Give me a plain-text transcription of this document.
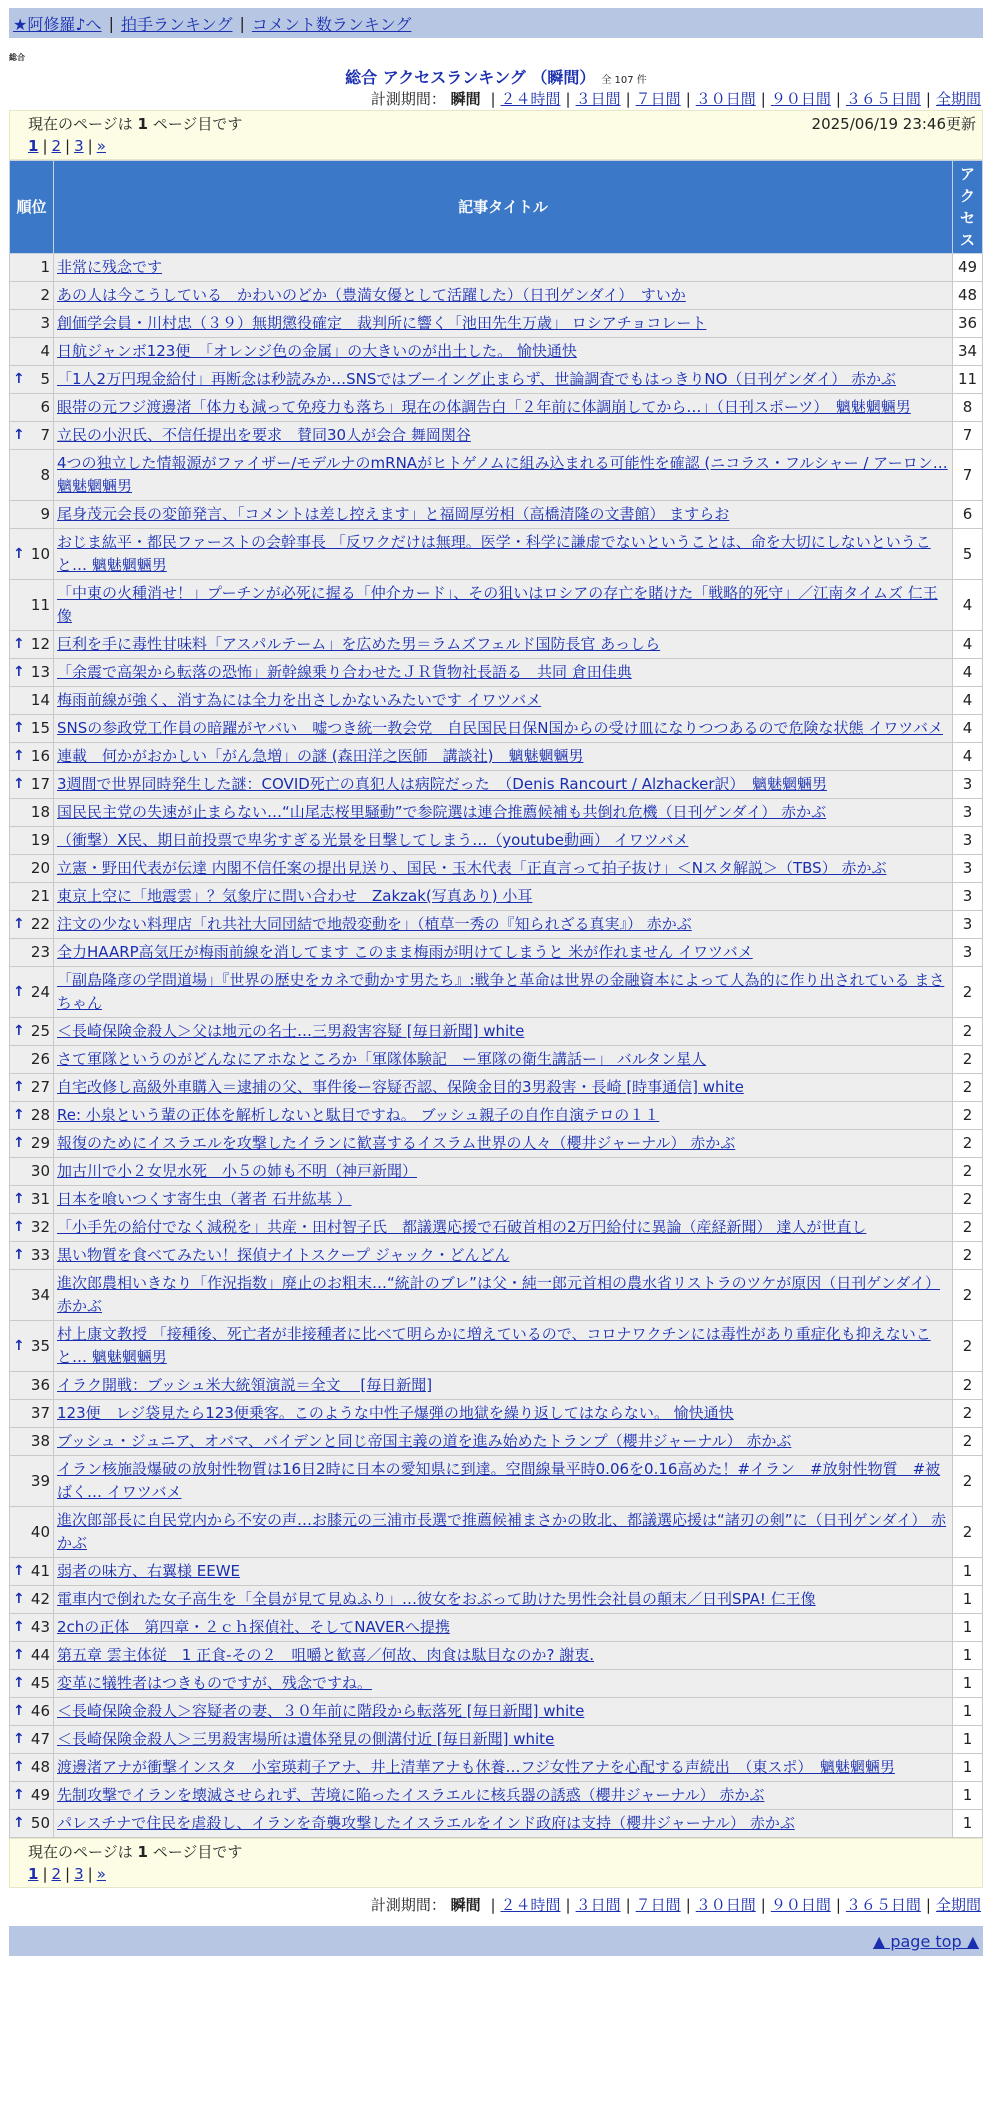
★阿修羅♪へ | 拍手ランキング | コメント数ランキング
総合
総合 アクセスランキング （瞬間） 全 107 件
計測期間： 瞬間 | ２４時間 | ３日間 | ７日間 | ３０日間 | ９０日間 | ３６５日間 | 全期間
現在のページは 1 ページ目です	2025/06/19 23:46更新
1 | 2 | 3 | »
順位	記事タイトル	アクセス
1	非常に残念です	49
2	あの人は今こうしている　かわいのどか（豊満女優として活躍した）（日刊ゲンダイ）　すいか	48
3	創価学会員・川村忠（３９）無期懲役確定　裁判所に響く「池田先生万歳」 ロシアチョコレート	36
4	日航ジャンボ123便　「オレンジ色の金属」の大きいのが出土した。 愉快通快	34

↑ 5	「1人2万円現金給付」再断念は秒読みか…SNSではブーイング止まらず、世論調査でもはっきりNO（日刊ゲンダイ） 赤かぶ	11
6	眼帯の元フジ渡邊渚「体力も減って免疫力も落ち」現在の体調告白「２年前に体調崩してから…」（日刊スポーツ）　魑魅魍魎男	8

↑ 7	立民の小沢氏、不信任提出を要求　賛同30人が会合 舞岡関谷	7
8	4つの独立した情報源がファイザー/モデルナのmRNAがヒトゲノムに組み込まれる可能性を確認 (ニコラス・フルシャー / アーロン… 魑魅魍魎男	7
9	尾身茂元会長の変節発言、「コメントは差し控えます」と福岡厚労相（高橋清隆の文書館） ますらお	6

↑ 10	おじま紘平・都民ファーストの会幹事長 「反ワクだけは無理。医学・科学に謙虚でないということは、命を大切にしないということ… 魑魅魍魎男	5
11	「中東の火種消せ！」プーチンが必死に握る「仲介カード」、その狙いはロシアの存亡を賭けた「戦略的死守」／江南タイムズ 仁王像	4

↑ 12	巨利を手に毒性甘味料「アスパルテーム」を広めた男＝ラムズフェルド国防長官 あっしら	4

↑ 13	「余震で高架から転落の恐怖」新幹線乗り合わせたＪＲ貨物社長語る　共同 倉田佳典	4
14	梅雨前線が強く、消す為には全力を出さしかないみたいです イワツバメ	4

↑ 15	SNSの参政党工作員の暗躍がヤバい　嘘つき統一教会党　自民国民日保N国からの受け皿になりつつあるので危険な状態 イワツバメ	4

↑ 16	連載　何かがおかしい「がん急増」の謎 (森田洋之医師　講談社)　魑魅魍魎男	4

↑ 17	3週間で世界同時発生した謎：COVID死亡の真犯人は病院だった　（Denis Rancourt / Alzhacker訳）　魑魅魍魎男	3
18	国民民主党の失速が止まらない…“山尾志桜里騒動”で参院選は連合推薦候補も共倒れ危機（日刊ゲンダイ） 赤かぶ	3
19	（衝撃）X民、期日前投票で卑劣すぎる光景を目撃してしまう…（youtube動画） イワツバメ	3
20	立憲・野田代表が伝達 内閣不信任案の提出見送り、国民・玉木代表「正直言って拍子抜け」＜Nスタ解説＞（TBS） 赤かぶ	3
21	東京上空に「地震雲」？気象庁に問い合わせ　Zakzak(写真あり) 小耳	3

↑ 22	注文の少ない料理店「れ共社大同団結で地殻変動を」（植草一秀の『知られざる真実』） 赤かぶ	3
23	全力HAARP高気圧が梅雨前線を消してます このまま梅雨が明けてしまうと 米が作れません イワツバメ	3

↑ 24	「副島隆彦の学問道場」『世界の歴史をカネで動かす男たち』:戦争と革命は世界の金融資本によって人為的に作り出されている まさちゃん	2

↑ 25	＜長崎保険金殺人＞父は地元の名士…三男殺害容疑 [毎日新聞] white	2
26	さて軍隊というのがどんなにアホなところか「軍隊体験記　ー軍隊の衛生講話ー」 バルタン星人	2

↑ 27	自宅改修し高級外車購入＝逮捕の父、事件後ー容疑否認、保険金目的3男殺害・長崎 [時事通信] white	2

↑ 28	Re: 小泉という輩の正体を解析しないと駄目ですね。 ブッシュ親子の自作自演テロの１１	2

↑ 29	報復のためにイスラエルを攻撃したイランに歓喜するイスラム世界の人々（櫻井ジャーナル） 赤かぶ	2
30	加古川で小２女児水死　小５の姉も不明（神戸新聞）	2

↑ 31	日本を喰いつくす寄生虫（著者 石井紘基 ）	2

↑ 32	「小手先の給付でなく減税を」共産・田村智子氏　都議選応援で石破首相の2万円給付に異論（産経新聞） 達人が世直し	2

↑ 33	黒い物質を食べてみたい！探偵ナイトスクープ ジャック・どんどん	2
34	進次郎農相いきなり「作況指数」廃止のお粗末…“統計のブレ”は父・純一郎元首相の農水省リストラのツケが原因（日刊ゲンダイ） 赤かぶ	2

↑ 35	村上康文教授 「接種後、死亡者が非接種者に比べて明らかに増えているので、コロナワクチンには毒性があり重症化も抑えないこと… 魑魅魍魎男	2
36	イラク開戦：ブッシュ米大統領演説＝全文　 [毎日新聞]	2
37	123便　レジ袋見たら123便乗客。このような中性子爆弾の地獄を繰り返してはならない。 愉快通快	2
38	ブッシュ・ジュニア、オバマ、バイデンと同じ帝国主義の道を進み始めたトランプ（櫻井ジャーナル） 赤かぶ	2
39	イラン核施設爆破の放射性物質は16日2時に日本の愛知県に到達。空間線量平時0.06を0.16高めた！#イラン　#放射性物質　#被ばく… イワツバメ	2
40	進次郎部長に自民党内から不安の声…お膝元の三浦市長選で推薦候補まさかの敗北、都議選応援は“諸刃の剣”に（日刊ゲンダイ） 赤かぶ	2

↑ 41	弱者の味方、右翼様 EEWE	1

↑ 42	電車内で倒れた女子高生を「全員が見て見ぬふり」…彼女をおぶって助けた男性会社員の顛末／日刊SPA! 仁王像	1

↑ 43	2chの正体　第四章・２ｃｈ探偵社、そしてNAVERへ提携	1

↑ 44	第五章 雲主体従　1 正食-その２　咀嚼と歓喜／何故、肉食は駄目なのか? 謝衷.	1

↑ 45	変革に犠牲者はつきものですが、残念ですね。	1

↑ 46	＜長崎保険金殺人＞容疑者の妻、３０年前に階段から転落死 [毎日新聞] white	1

↑ 47	＜長崎保険金殺人＞三男殺害場所は遺体発見の側溝付近 [毎日新聞] white	1

↑ 48	渡邊渚アナが衝撃インスタ　小室瑛莉子アナ、井上清華アナも休養…フジ女性アナを心配する声続出　（東スポ）　魑魅魍魎男	1

↑ 49	先制攻撃でイランを壊滅させられず、苦境に陥ったイスラエルに核兵器の誘惑（櫻井ジャーナル） 赤かぶ	1

↑ 50	パレスチナで住民を虐殺し、イランを奇襲攻撃したイスラエルをインド政府は支持（櫻井ジャーナル） 赤かぶ	1
現在のページは 1 ページ目です
1 | 2 | 3 | »
計測期間： 瞬間 | ２４時間 | ３日間 | ７日間 | ３０日間 | ９０日間 | ３６５日間 | 全期間
▲ page top ▲
